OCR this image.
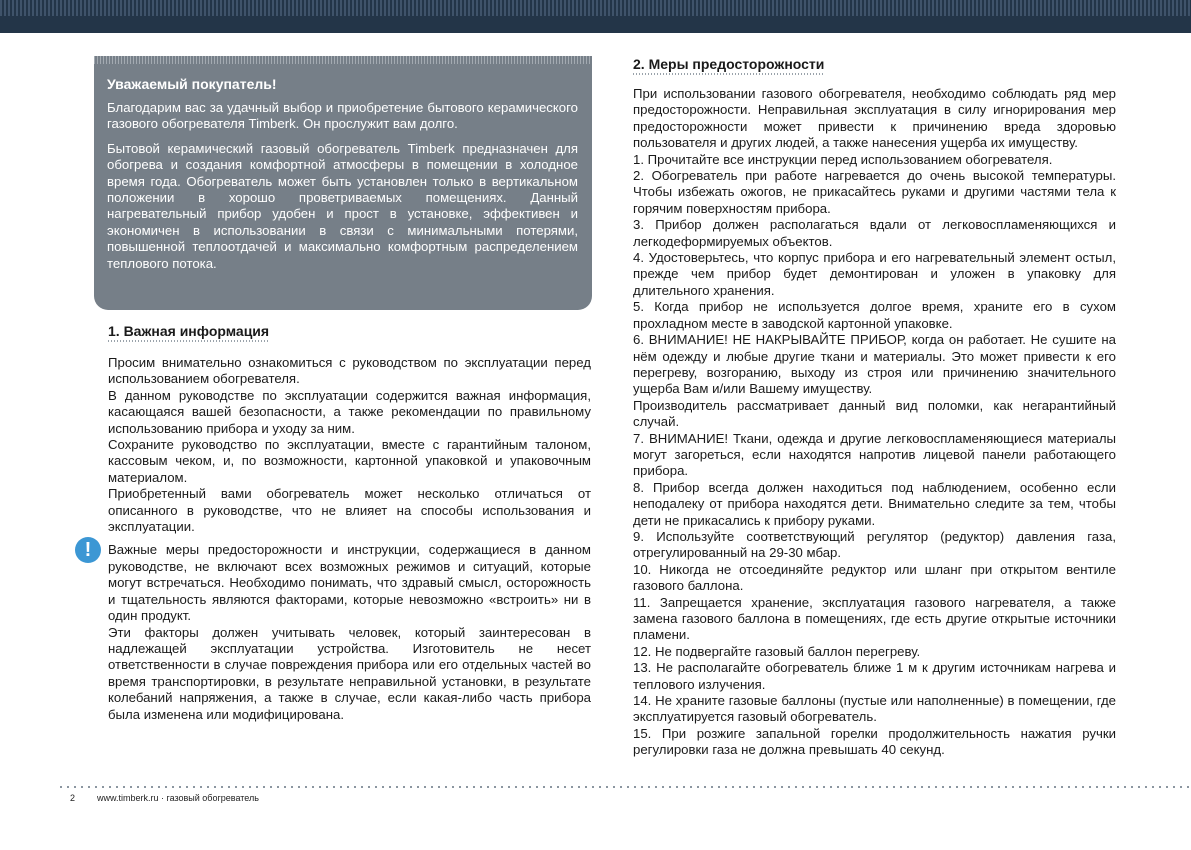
Уважаемый покупатель!

Благодарим вас за удачный выбор и приобретение бытового керамического газового обогревателя Timberk. Он прослужит вам долго.

Бытовой керамический газовый обогреватель Timberk предназначен для обогрева и создания комфортной атмосферы в помещении в холодное время года. Обогреватель может быть установлен только в вертикальном положении в хорошо проветриваемых помещениях. Данный нагревательный прибор удобен и прост в установке, эффективен и экономичен в использовании в связи с минимальными потерями, повышенной теплоотдачей и максимально комфортным распределением теплового потока.

1. Важная информация

Просим внимательно ознакомиться с руководством по эксплуатации перед использованием обогревателя.

В данном руководстве по эксплуатации содержится важная информация, касающаяся вашей безопасности, а также рекомендации по правильному использованию прибора и уходу за ним.

Сохраните руководство по эксплуатации, вместе с гарантийным талоном, кассовым чеком, и, по возможности, картонной упаковкой и упаковочным материалом.

Приобретенный вами обогреватель может несколько отличаться от описанного в руководстве, что не влияет на способы использования и эксплуатации.

Важные меры предосторожности и инструкции, содержащиеся в данном руководстве, не включают всех возможных режимов и ситуаций, которые могут встречаться. Необходимо понимать, что здравый смысл, осторожность и тщательность являются факторами, которые невозможно «встроить» ни в один продукт.

Эти факторы должен учитывать человек, который заинтересован в надлежащей эксплуатации устройства. Изготовитель не несет ответственности в случае повреждения прибора или его отдельных частей во время транспортировки, в результате неправильной установки, в результате колебаний напряжения, а также в случае, если какая-либо часть прибора была изменена или модифицирована.

!
2. Меры предосторожности

При использовании газового обогревателя, необходимо соблюдать ряд мер предосторожности. Неправильная эксплуатация в силу игнорирования мер предосторожности может привести к причинению вреда здоровью пользователя и других людей, а также нанесения ущерба их имуществу.

1. Прочитайте все инструкции перед использованием обогревателя.

2. Обогреватель при работе нагревается до очень высокой температуры. Чтобы избежать ожогов, не прикасайтесь руками и другими частями тела к горячим поверхностям прибора.

3. Прибор должен располагаться вдали от легковоспламеняющихся и легкодеформируемых объектов.

4. Удостоверьтесь, что корпус прибора и его нагревательный элемент остыл, прежде чем прибор будет демонтирован и уложен в упаковку для длительного хранения.

5. Когда прибор не используется долгое время, храните его в сухом прохладном месте в заводской картонной упаковке.

6. ВНИМАНИЕ! НЕ НАКРЫВАЙТЕ ПРИБОР, когда он работает. Не сушите на нём одежду и любые другие ткани и материалы. Это может привести к его перегреву, возгоранию, выходу из строя или причинению значительного ущерба Вам и/или Вашему имуществу.

Производитель рассматривает данный вид поломки, как негарантийный случай.

7. ВНИМАНИЕ! Ткани, одежда и другие легковоспламеняющиеся материалы могут загореться, если находятся напротив лицевой панели работающего прибора.

8. Прибор всегда должен находиться под наблюдением, особенно если неподалеку от прибора находятся дети. Внимательно следите за тем, чтобы дети не прикасались к прибору руками.

9. Используйте соответствующий регулятор (редуктор) давления газа, отрегулированный на 29-30 мбар.

10. Никогда не отсоединяйте редуктор или шланг при открытом вентиле газового баллона.

11. Запрещается хранение, эксплуатация газового нагревателя, а также замена газового баллона в помещениях, где есть другие открытые источники пламени.

12. Не подвергайте газовый баллон перегреву.

13. Не располагайте обогреватель ближе 1 м к другим источникам нагрева и теплового излучения.

14. Не храните газовые баллоны (пустые или наполненные) в помещении, где эксплуатируется газовый обогреватель.

15. При розжиге запальной горелки продолжительность нажатия ручки регулировки газа не должна превышать 40 секунд.

2 www.timberk.ru · газовый обогреватель
